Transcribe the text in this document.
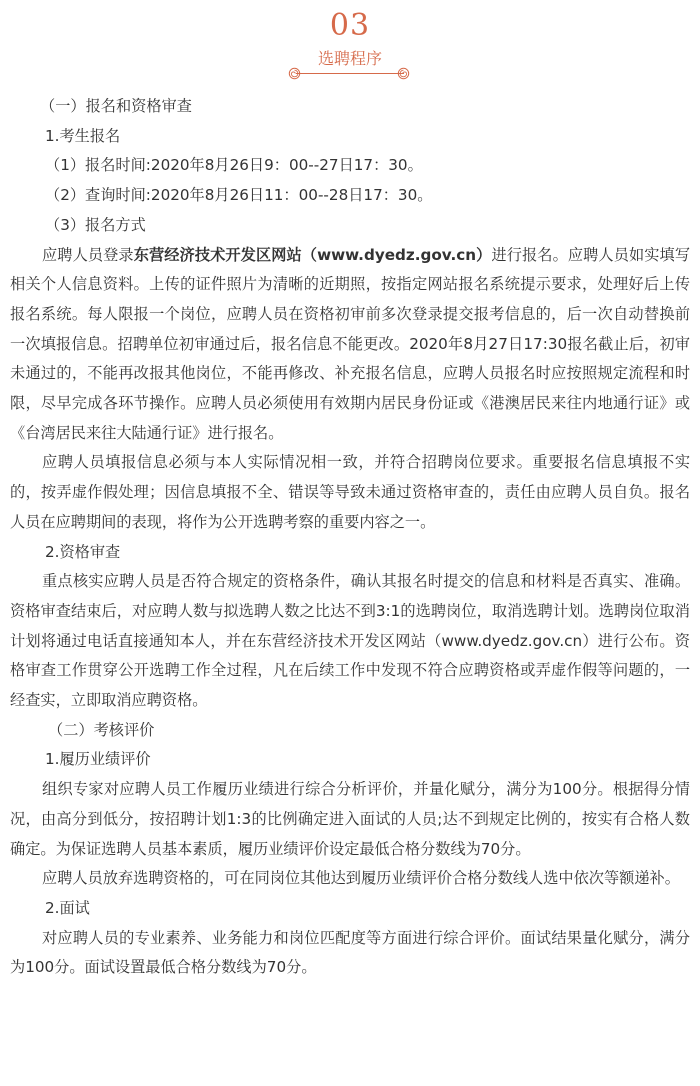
03
选聘程序

（一）报名和资格审查

1.考生报名

（1）报名时间:2020年8月26日9：00--27日17：30。

（2）查询时间:2020年8月26日11：00--28日17：30。

（3）报名方式

应聘人员登录东营经济技术开发区网站（www.dyedz.gov.cn）进行报名。应聘人员如实填写相关个人信息资料。上传的证件照片为清晰的近期照，按指定网站报名系统提示要求，处理好后上传报名系统。每人限报一个岗位，应聘人员在资格初审前多次登录提交报考信息的，后一次自动替换前一次填报信息。招聘单位初审通过后，报名信息不能更改。2020年8月27日17:30报名截止后，初审未通过的，不能再改报其他岗位，不能再修改、补充报名信息，应聘人员报名时应按照规定流程和时限，尽早完成各环节操作。应聘人员必须使用有效期内居民身份证或《港澳居民来往内地通行证》或《台湾居民来往大陆通行证》进行报名。

应聘人员填报信息必须与本人实际情况相一致，并符合招聘岗位要求。重要报名信息填报不实的，按弄虚作假处理；因信息填报不全、错误等导致未通过资格审查的，责任由应聘人员自负。报名人员在应聘期间的表现，将作为公开选聘考察的重要内容之一。

2.资格审查

重点核实应聘人员是否符合规定的资格条件，确认其报名时提交的信息和材料是否真实、准确。资格审查结束后，对应聘人数与拟选聘人数之比达不到3:1的选聘岗位，取消选聘计划。选聘岗位取消计划将通过电话直接通知本人，并在东营经济技术开发区网站（www.dyedz.gov.cn）进行公布。资格审查工作贯穿公开选聘工作全过程，凡在后续工作中发现不符合应聘资格或弄虚作假等问题的，一经查实，立即取消应聘资格。

（二）考核评价

1.履历业绩评价

组织专家对应聘人员工作履历业绩进行综合分析评价，并量化赋分，满分为100分。根据得分情况，由高分到低分，按招聘计划1:3的比例确定进入面试的人员;达不到规定比例的，按实有合格人数确定。为保证选聘人员基本素质，履历业绩评价设定最低合格分数线为70分。

应聘人员放弃选聘资格的，可在同岗位其他达到履历业绩评价合格分数线人选中依次等额递补。

2.面试

对应聘人员的专业素养、业务能力和岗位匹配度等方面进行综合评价。面试结果量化赋分，满分为100分。面试设置最低合格分数线为70分。
